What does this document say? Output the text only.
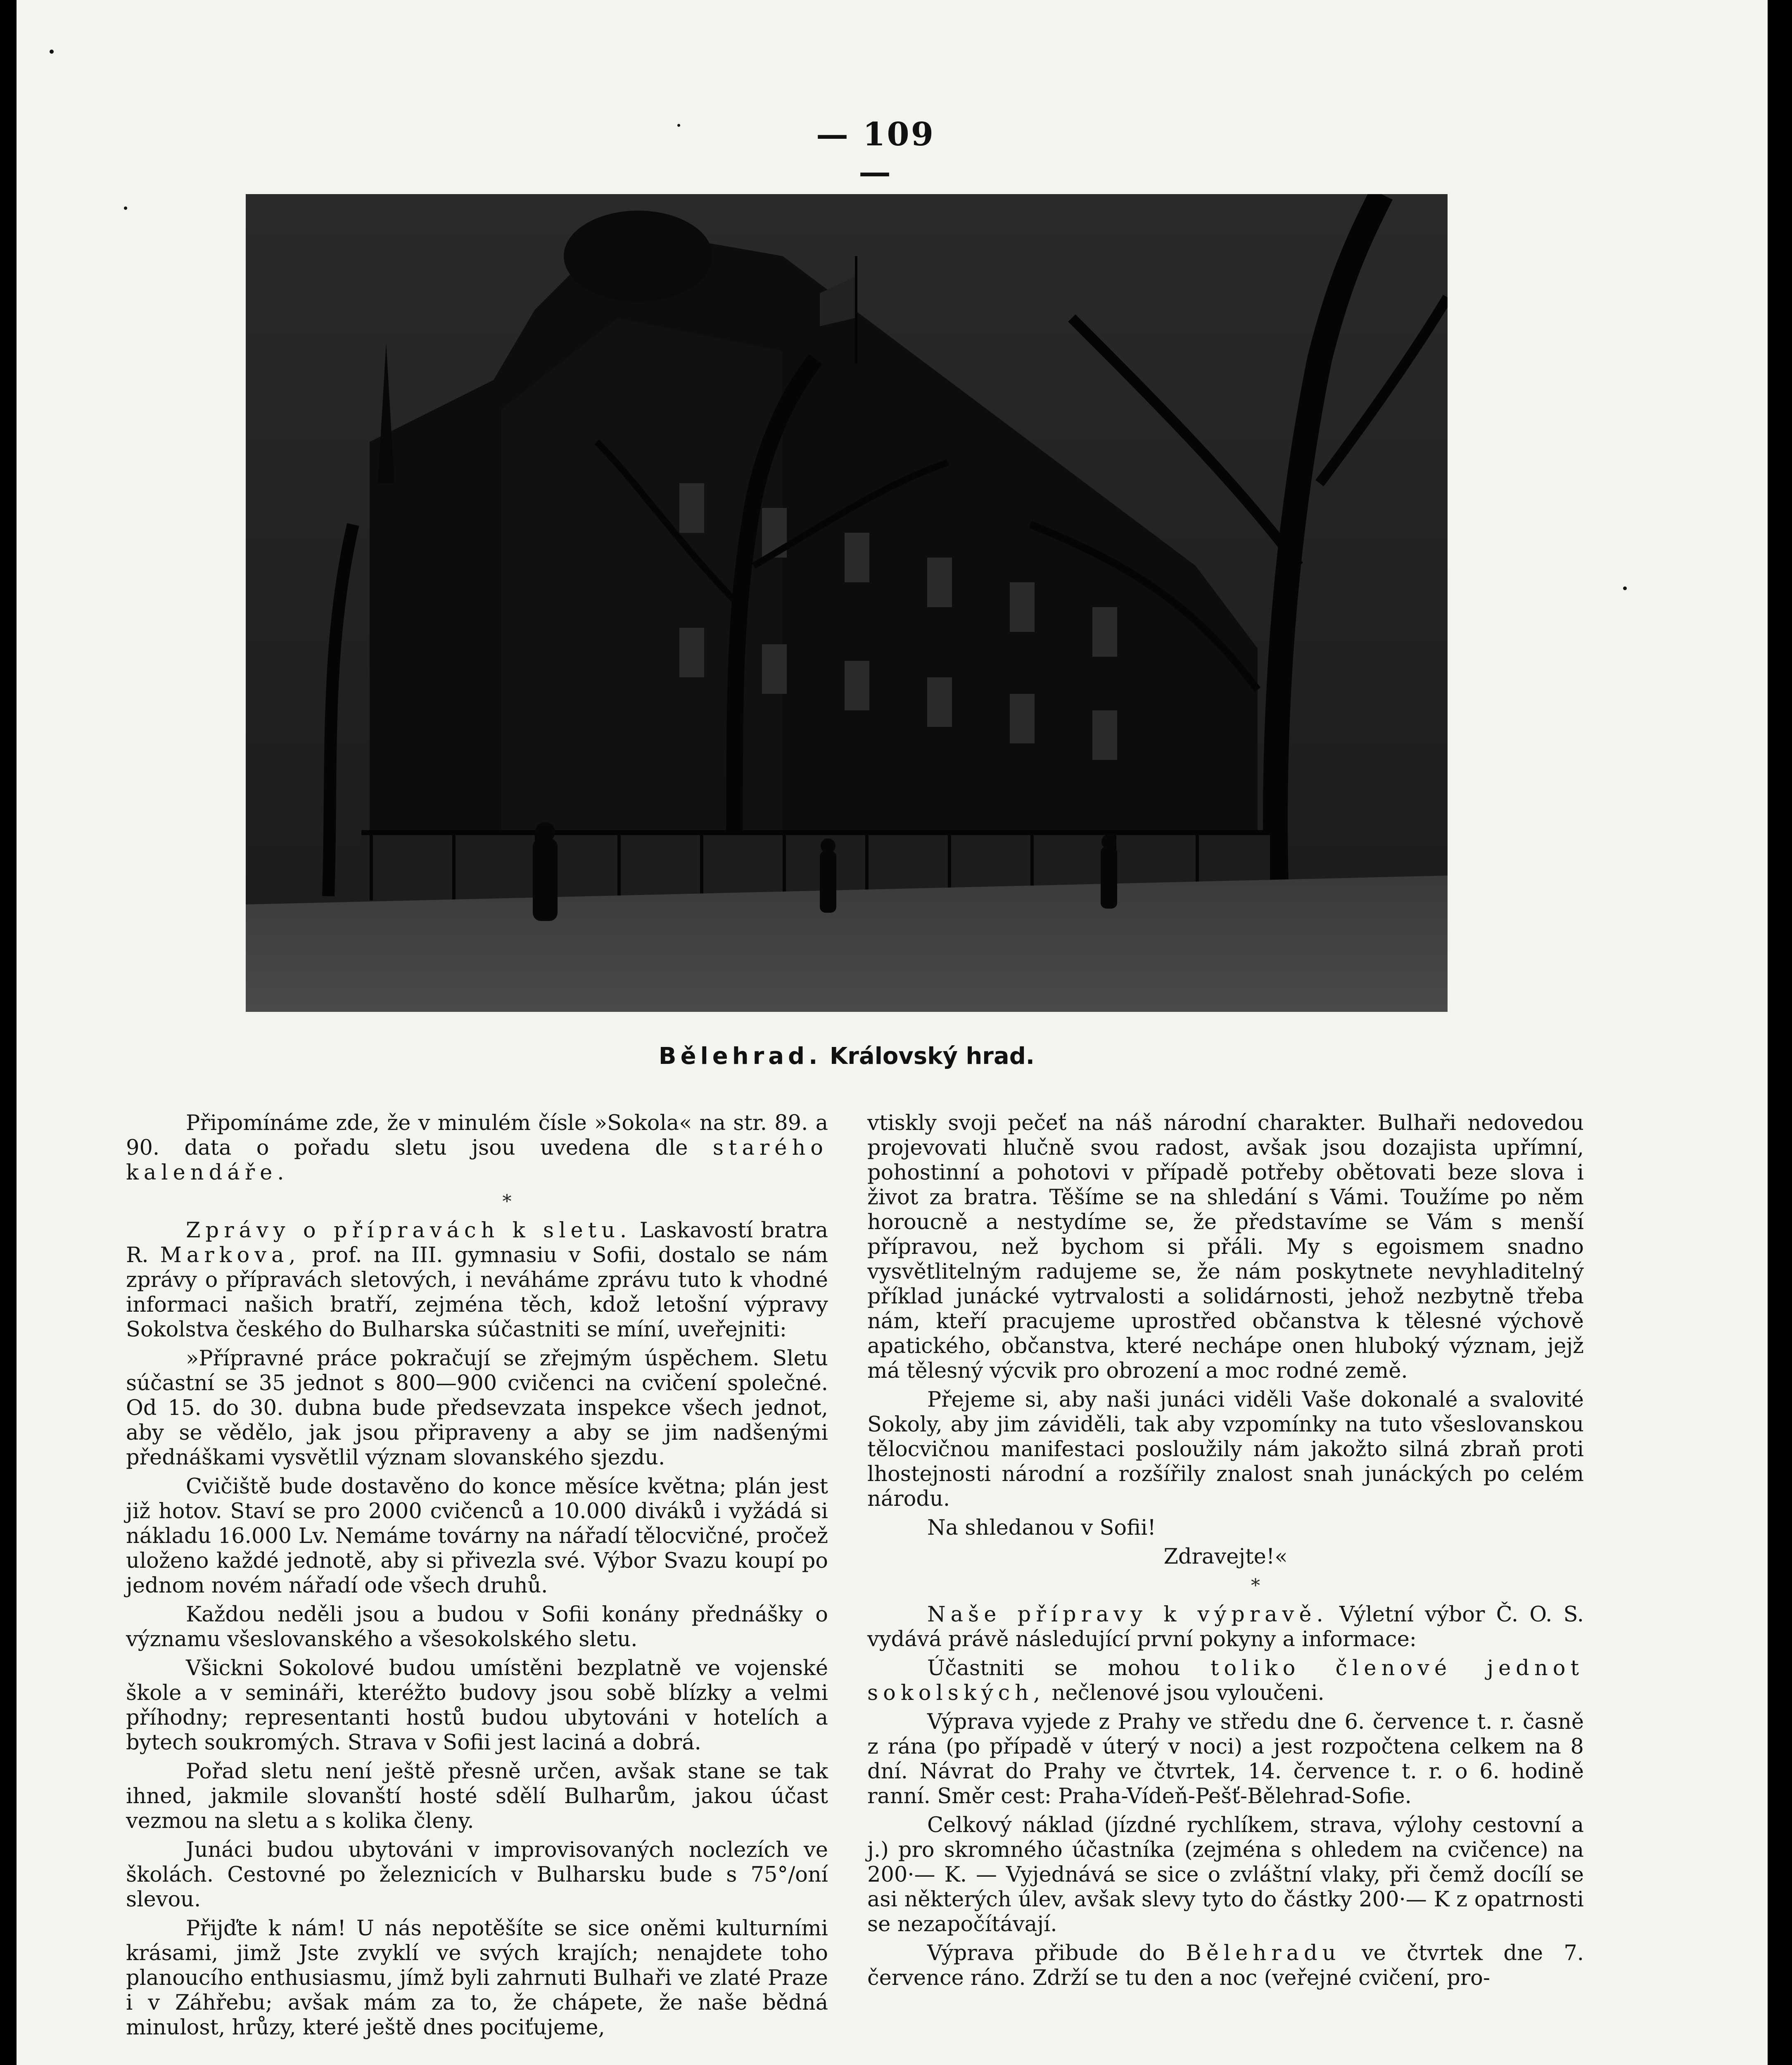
— 109 —
Bělehrad. Královský hrad.

Připomínáme zde, že v minulém čísle »Sokola« na str. 89. a 90. data o pořadu sletu jsou uvedena dle starého kalendáře.

*

Zprávy o přípravách k sletu. Laskavostí bratra R. Markova, prof. na III. gymnasiu v Sofii, dostalo se nám zprávy o přípravách sletových, i neváháme zprávu tuto k vhodné informaci našich bratří, zejména těch, kdož letošní výpravy Sokolstva českého do Bulharska súčastniti se míní, uveřejniti:

»Přípravné práce pokračují se zřejmým úspěchem. Sletu súčastní se 35 jednot s 800—900 cvičenci na cvičení společné. Od 15. do 30. dubna bude předsevzata inspekce všech jednot, aby se vědělo, jak jsou připraveny a aby se jim nadšenými přednáškami vysvětlil význam slovanského sjezdu.

Cvičiště bude dostavěno do konce měsíce května; plán jest již hotov. Staví se pro 2000 cvičenců a 10.000 diváků i vyžádá si nákladu 16.000 Lv. Nemáme továrny na nářadí tělocvičné, pročež uloženo každé jednotě, aby si přivezla své. Výbor Svazu koupí po jednom novém nářadí ode všech druhů.

Každou neděli jsou a budou v Sofii konány přednášky o významu všeslovanského a všesokolského sletu.

Všickni Sokolové budou umístěni bezplatně ve vojenské škole a v semináři, kteréžto budovy jsou sobě blízky a velmi příhodny; representanti hostů budou ubytováni v hotelích a bytech soukromých. Strava v Sofii jest laciná a dobrá.

Pořad sletu není ještě přesně určen, avšak stane se tak ihned, jakmile slovanští hosté sdělí Bulharům, jakou účast vezmou na sletu a s kolika členy.

Junáci budou ubytováni v improvisovaných noclezích ve školách. Cestovné po železnicích v Bulharsku bude s 75°/oní slevou.

Přijďte k nám! U nás nepotěšíte se sice oněmi kulturními krásami, jimž Jste zvyklí ve svých krajích; nenajdete toho planoucího enthusiasmu, jímž byli zahrnuti Bulhaři ve zlaté Praze i v Záhřebu; avšak mám za to, že chápete, že naše bědná minulost, hrůzy, které ještě dnes pociťujeme,

vtiskly svoji pečeť na náš národní charakter. Bulhaři nedovedou projevovati hlučně svou radost, avšak jsou dozajista upřímní, pohostinní a pohotovi v případě potřeby obětovati beze slova i život za bratra. Těšíme se na shledání s Vámi. Toužíme po něm horoucně a nestydíme se, že představíme se Vám s menší přípravou, než bychom si přáli. My s egoismem snadno vysvětlitelným radujeme se, že nám poskytnete nevyhladitelný příklad junácké vytrvalosti a solidárnosti, jehož nezbytně třeba nám, kteří pracujeme uprostřed občanstva k tělesné výchově apatického, občanstva, které nechápe onen hluboký význam, jejž má tělesný výcvik pro obrození a moc rodné země.

Přejeme si, aby naši junáci viděli Vaše dokonalé a svalovité Sokoly, aby jim záviděli, tak aby vzpomínky na tuto všeslovanskou tělocvičnou manifestaci posloužily nám jakožto silná zbraň proti lhostejnosti národní a rozšířily znalost snah junáckých po celém národu.

Na shledanou v Sofii!

Zdravejte!«

*

Naše přípravy k výpravě. Výletní výbor Č. O. S. vydává právě následující první pokyny a informace:

Účastniti se mohou toliko členové jednot sokolských, nečlenové jsou vyloučeni.

Výprava vyjede z Prahy ve středu dne 6. července t. r. časně z rána (po případě v úterý v noci) a jest rozpočtena celkem na 8 dní. Návrat do Prahy ve čtvrtek, 14. července t. r. o 6. hodině ranní. Směr cest: Praha-Vídeň-Pešť-Bělehrad-Sofie.

Celkový náklad (jízdné rychlíkem, strava, výlohy cestovní a j.) pro skromného účastníka (zejména s ohledem na cvičence) na 200·— K. — Vyjednává se sice o zvláštní vlaky, při čemž docílí se asi některých úlev, avšak slevy tyto do částky 200·— K z opatrnosti se nezapočítávají.

Výprava přibude do Bělehradu ve čtvrtek dne 7. července ráno. Zdrží se tu den a noc (veřejné cvičení, pro-
